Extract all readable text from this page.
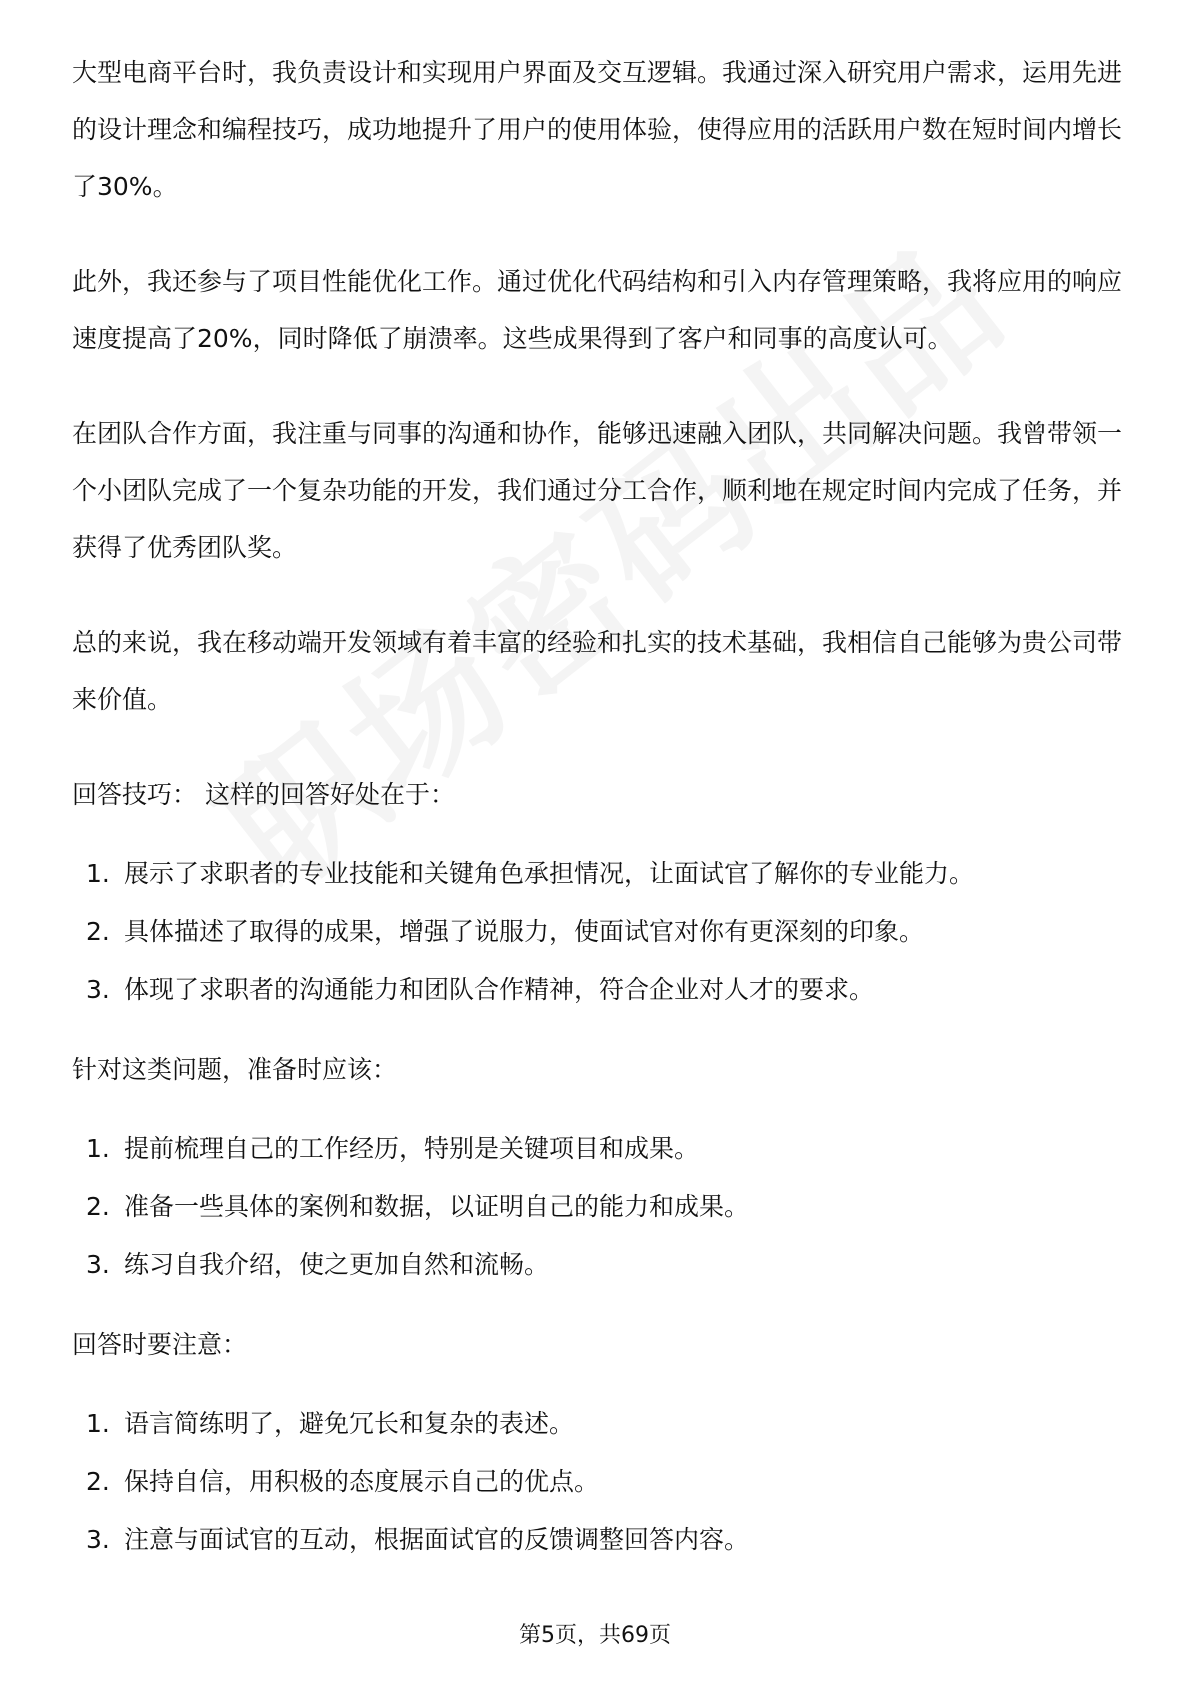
大型电商平台时，我负责设计和实现用户界面及交互逻辑。我通过深入研究用户需求，运用先进的设计理念和编程技巧，成功地提升了用户的使用体验，使得应用的活跃用户数在短时间内增长了30%。

此外，我还参与了项目性能优化工作。通过优化代码结构和引入内存管理策略，我将应用的响应速度提高了20%，同时降低了崩溃率。这些成果得到了客户和同事的高度认可。

在团队合作方面，我注重与同事的沟通和协作，能够迅速融入团队，共同解决问题。我曾带领一个小团队完成了一个复杂功能的开发，我们通过分工合作，顺利地在规定时间内完成了任务，并获得了优秀团队奖。

总的来说，我在移动端开发领域有着丰富的经验和扎实的技术基础，我相信自己能够为贵公司带来价值。

回答技巧： 这样的回答好处在于：

1. 展示了求职者的专业技能和关键角色承担情况，让面试官了解你的专业能力。
2. 具体描述了取得的成果，增强了说服力，使面试官对你有更深刻的印象。
3. 体现了求职者的沟通能力和团队合作精神，符合企业对人才的要求。

针对这类问题，准备时应该：

1. 提前梳理自己的工作经历，特别是关键项目和成果。
2. 准备一些具体的案例和数据，以证明自己的能力和成果。
3. 练习自我介绍，使之更加自然和流畅。

回答时要注意：

1. 语言简练明了，避免冗长和复杂的表述。
2. 保持自信，用积极的态度展示自己的优点。
3. 注意与面试官的互动，根据面试官的反馈调整回答内容。
第5页，共69页
